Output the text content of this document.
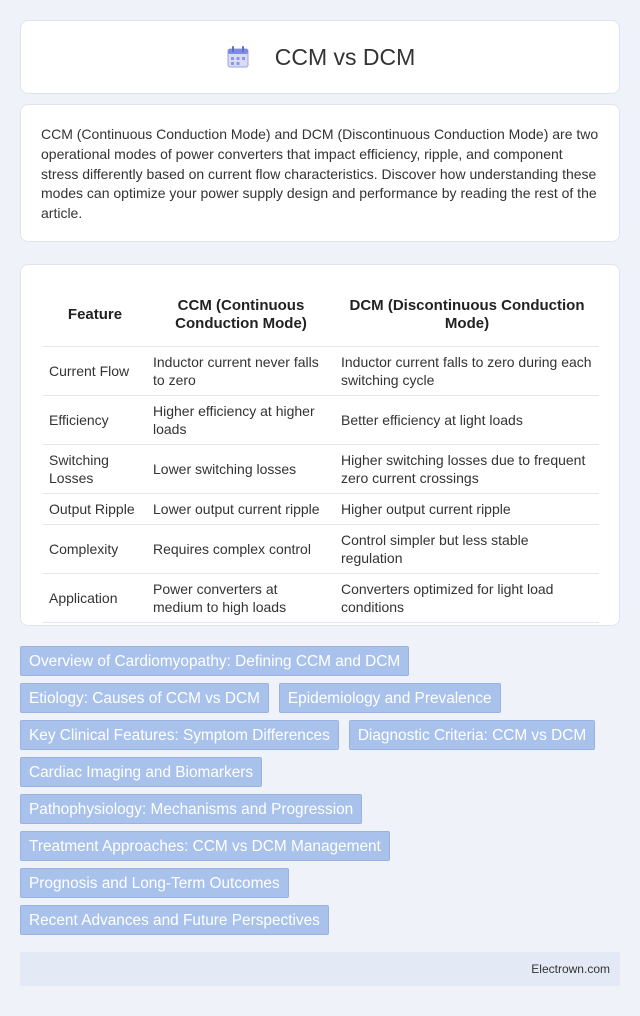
CCM vs DCM

CCM (Continuous Conduction Mode) and DCM (Discontinuous Conduction Mode) are two operational modes of power converters that impact efficiency, ripple, and component stress differently based on current flow characteristics. Discover how understanding these modes can optimize your power supply design and performance by reading the rest of the article.

Feature	CCM (Continuous Conduction Mode)	DCM (Discontinuous Conduction Mode)
Current Flow	Inductor current never falls to zero	Inductor current falls to zero during each switching cycle
Efficiency	Higher efficiency at higher loads	Better efficiency at light loads
Switching Losses	Lower switching losses	Higher switching losses due to frequent zero current crossings
Output Ripple	Lower output current ripple	Higher output current ripple
Complexity	Requires complex control	Control simpler but less stable regulation
Application	Power converters at medium to high loads	Converters optimized for light load conditions
Overview of Cardiomyopathy: Defining CCM and DCM
Etiology: Causes of CCM vs DCM	Epidemiology and Prevalence
Key Clinical Features: Symptom Differences	Diagnostic Criteria: CCM vs DCM
Cardiac Imaging and Biomarkers
Pathophysiology: Mechanisms and Progression
Treatment Approaches: CCM vs DCM Management
Prognosis and Long-Term Outcomes
Recent Advances and Future Perspectives
Electrown.com
